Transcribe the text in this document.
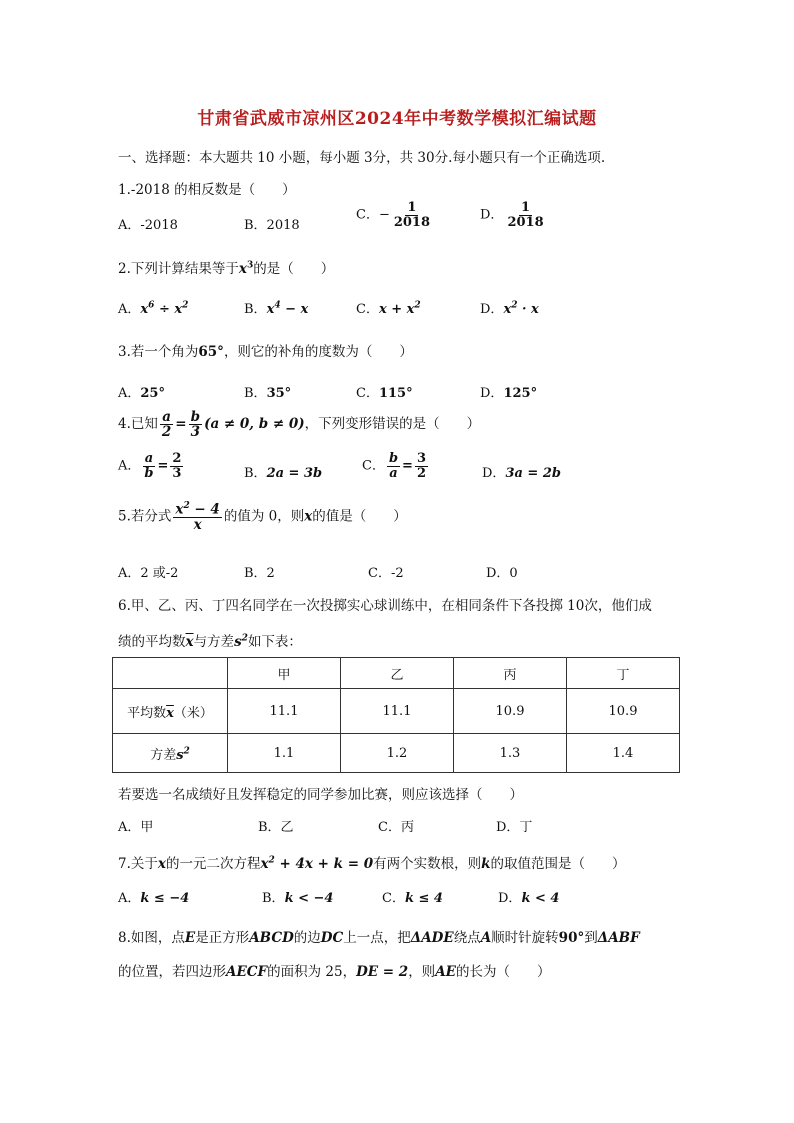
甘肃省武威市凉州区2024年中考数学模拟汇编试题
一、选择题：本大题共 10 小题，每小题 3分，共 30分.每小题只有一个正确选项.
1.-2018 的相反数是（　　）
A．-2018	B．2018
C．− $\frac{1}{2018}$	D． $\frac{1}{2018}$
2.下列计算结果等于$x^3$的是（　　）
A．$x^6 \div x^2$	B．$x^4 - x$	C．$x + x^2$	D．$x^2 \cdot x$
3.若一个角为65°，则它的补角的度数为（　　）
A．25°	B．35°	C．115°	D．125°
4.已知 $\frac{a}{2} = \frac{b}{3} (a \ne 0$, b ≠ 0)，下列变形错误的是（　　）
A． $\frac{a}{b} = \frac{2}{3}$	B．2a = 3b	C． $\frac{b}{a} = \frac{3}{2}$	D．3a = 2b
5.若分式 $\frac{x^2 - 4}{x}$ 的值为 0，则x的值是（　　）
A．2 或-2	B．2	C．-2	D．0
6.甲、乙、丙、丁四名同学在一次投掷实心球训练中，在相同条件下各投掷 10次，他们成
绩的平均数$\overline{x}$与方差$s^2$如下表：
	甲	乙	丙	丁
平均数$\overline{x}$（米）	11.1	11.1	10.9	10.9
方差$s^2$	1.1	1.2	1.3	1.4
若要选一名成绩好且发挥稳定的同学参加比赛，则应该选择（　　）
A．甲	B．乙	C．丙	D．丁
7.关于x的一元二次方程$x^2 + 4x + k = 0$有两个实数根，则k的取值范围是（　　）
A．k ≤ −4	B．k < −4	C．k ≤ 4	D．k < 4
8.如图，点E是正方形ABCD的边DC上一点，把ΔADE绕点A顺时针旋转90°到ΔABF
的位置，若四边形AECF的面积为 25，DE = 2，则AE的长为（　　）
